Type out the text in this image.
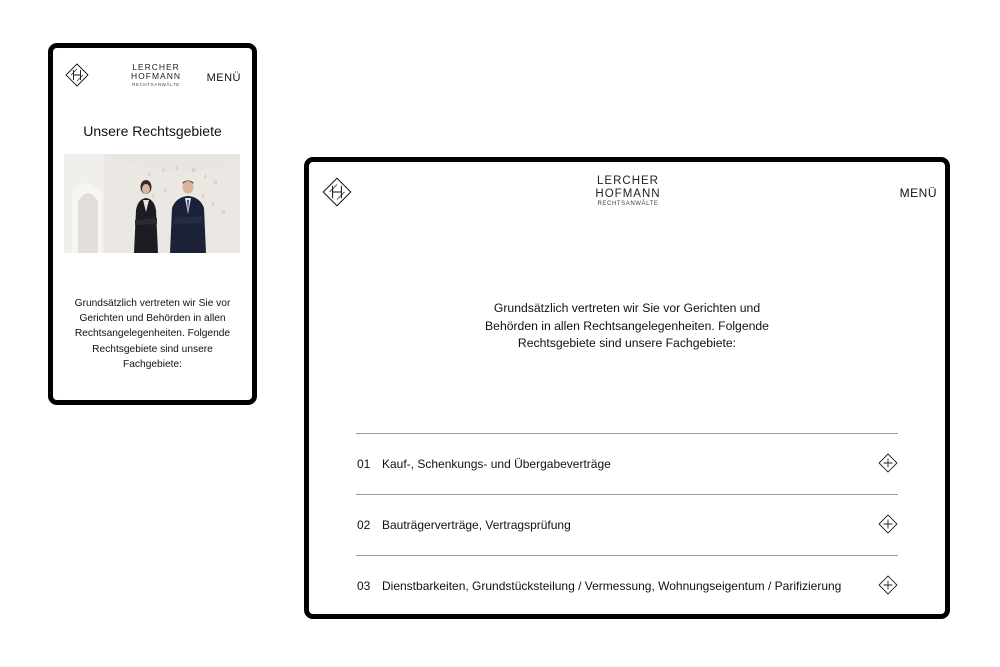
LERCHER
HOFMANN
RECHTSANWÄLTE
MENÜ
Unsere Rechtsgebiete
H
O	F	M
A
N
C
H
R
E
N

Grundsätzlich vertreten wir Sie vor Gerichten und Behörden in allen Rechtsangelegenheiten. Folgende Rechtsgebiete sind unsere Fachgebiete:

LERCHER
HOFMANN
RECHTSANWÄLTE
MENÜ

Grundsätzlich vertreten wir Sie vor Gerichten und Behörden in allen Rechtsangelegenheiten. Folgende Rechtsgebiete sind unsere Fachgebiete:

01 Kauf-, Schenkungs- und Übergabeverträge
02 Bauträgerverträge, Vertragsprüfung
03 Dienstbarkeiten, Grundstücksteilung / Vermessung, Wohnungseigentum / Parifizierung
